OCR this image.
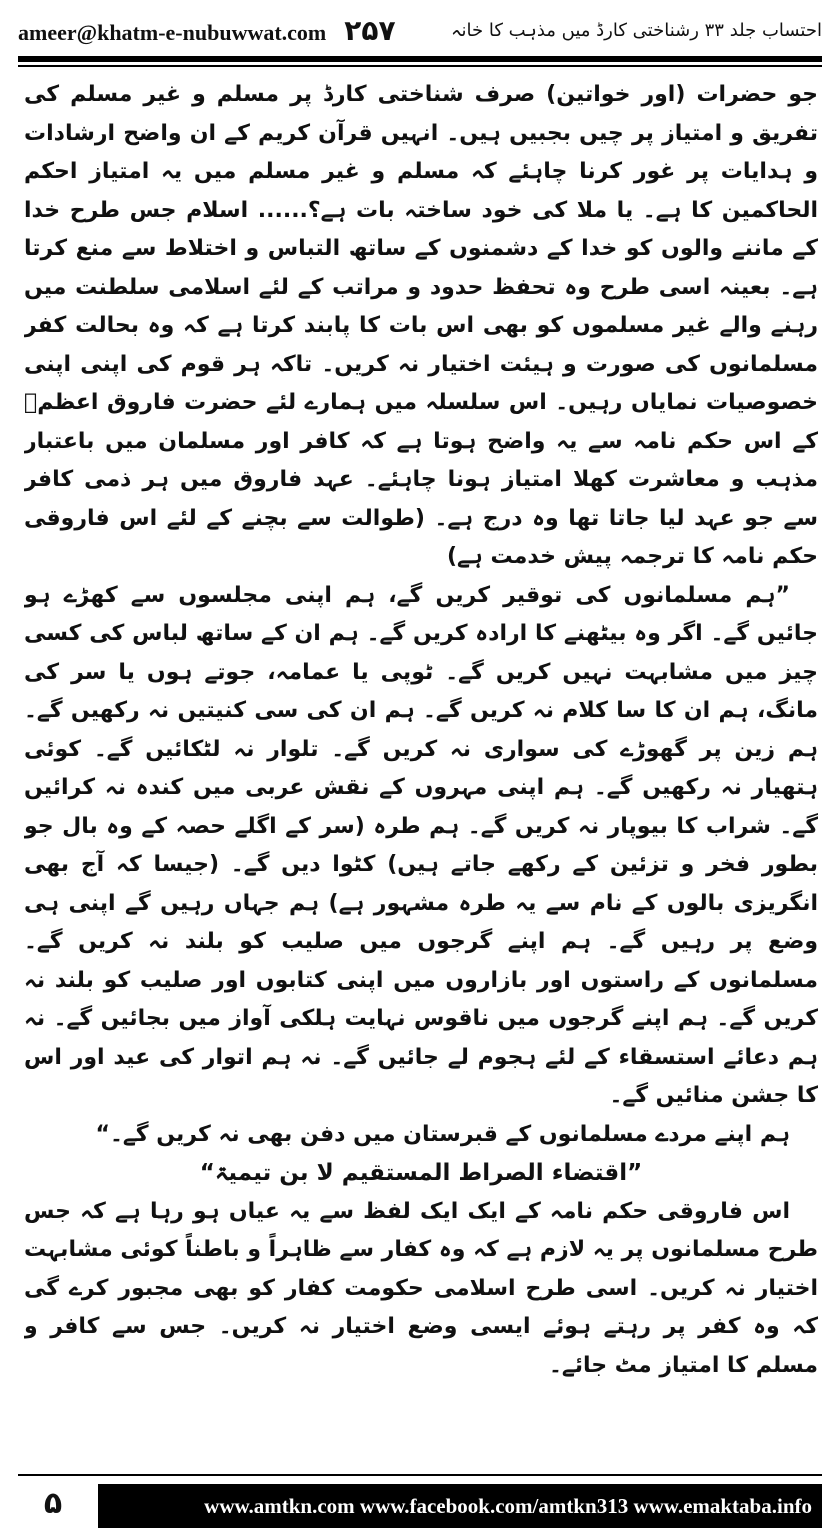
ameer@khatm-e-nubuwwat.com ۲۵۷	احتساب جلد ۳۳ رشناختی کارڈ میں مذہب کا خانہ

جو حضرات (اور خواتین) صرف شناختی کارڈ پر مسلم و غیر مسلم کی تفریق و امتیاز پر چیں بجبیں ہیں۔ انہیں قرآن کریم کے ان واضح ارشادات و ہدایات پر غور کرنا چاہئے کہ مسلم و غیر مسلم میں یہ امتیاز احکم الحاکمین کا ہے۔ یا ملا کی خود ساختہ بات ہے؟...... اسلام جس طرح خدا کے ماننے والوں کو خدا کے دشمنوں کے ساتھ التباس و اختلاط سے منع کرتا ہے۔ بعینہ اسی طرح وہ تحفظ حدود و مراتب کے لئے اسلامی سلطنت میں رہنے والے غیر مسلموں کو بھی اس بات کا پابند کرتا ہے کہ وہ بحالت کفر مسلمانوں کی صورت و ہیئت اختیار نہ کریں۔ تاکہ ہر قوم کی اپنی اپنی خصوصیات نمایاں رہیں۔ اس سلسلہ میں ہمارے لئے حضرت فاروق اعظمؓ کے اس حکم نامہ سے یہ واضح ہوتا ہے کہ کافر اور مسلمان میں باعتبار مذہب و معاشرت کھلا امتیاز ہونا چاہئے۔ عہد فاروق میں ہر ذمی کافر سے جو عہد لیا جاتا تھا وہ درج ہے۔ (طوالت سے بچنے کے لئے اس فاروقی حکم نامہ کا ترجمہ پیش خدمت ہے)

”ہم مسلمانوں کی توقیر کریں گے، ہم اپنی مجلسوں سے کھڑے ہو جائیں گے۔ اگر وہ بیٹھنے کا ارادہ کریں گے۔ ہم ان کے ساتھ لباس کی کسی چیز میں مشابہت نہیں کریں گے۔ ٹوپی یا عمامہ، جوتے ہوں یا سر کی مانگ، ہم ان کا سا کلام نہ کریں گے۔ ہم ان کی سی کنیتیں نہ رکھیں گے۔ ہم زین پر گھوڑے کی سواری نہ کریں گے۔ تلوار نہ لٹکائیں گے۔ کوئی ہتھیار نہ رکھیں گے۔ ہم اپنی مہروں کے نقش عربی میں کندہ نہ کرائیں گے۔ شراب کا بیوپار نہ کریں گے۔ ہم طرہ (سر کے اگلے حصہ کے وہ بال جو بطور فخر و تزئین کے رکھے جاتے ہیں) کٹوا دیں گے۔ (جیسا کہ آج بھی انگریزی بالوں کے نام سے یہ طرہ مشہور ہے) ہم جہاں رہیں گے اپنی ہی وضع پر رہیں گے۔ ہم اپنے گرجوں میں صلیب کو بلند نہ کریں گے۔ مسلمانوں کے راستوں اور بازاروں میں اپنی کتابوں اور صلیب کو بلند نہ کریں گے۔ ہم اپنے گرجوں میں ناقوس نہایت ہلکی آواز میں بجائیں گے۔ نہ ہم دعائے استسقاء کے لئے ہجوم لے جائیں گے۔ نہ ہم اتوار کی عید اور اس کا جشن منائیں گے۔

ہم اپنے مردے مسلمانوں کے قبرستان میں دفن بھی نہ کریں گے۔“

”اقتضاء الصراط المستقیم لا بن تیمیۃ“

اس فاروقی حکم نامہ کے ایک ایک لفظ سے یہ عیاں ہو رہا ہے کہ جس طرح مسلمانوں پر یہ لازم ہے کہ وہ کفار سے ظاہراً و باطناً کوئی مشابہت اختیار نہ کریں۔ اسی طرح اسلامی حکومت کفار کو بھی مجبور کرے گی کہ وہ کفر پر رہتے ہوئے ایسی وضع اختیار نہ کریں۔ جس سے کافر و مسلم کا امتیاز مٹ جائے۔

۵	www.amtkn.com www.facebook.com/amtkn313 www.emaktaba.info
